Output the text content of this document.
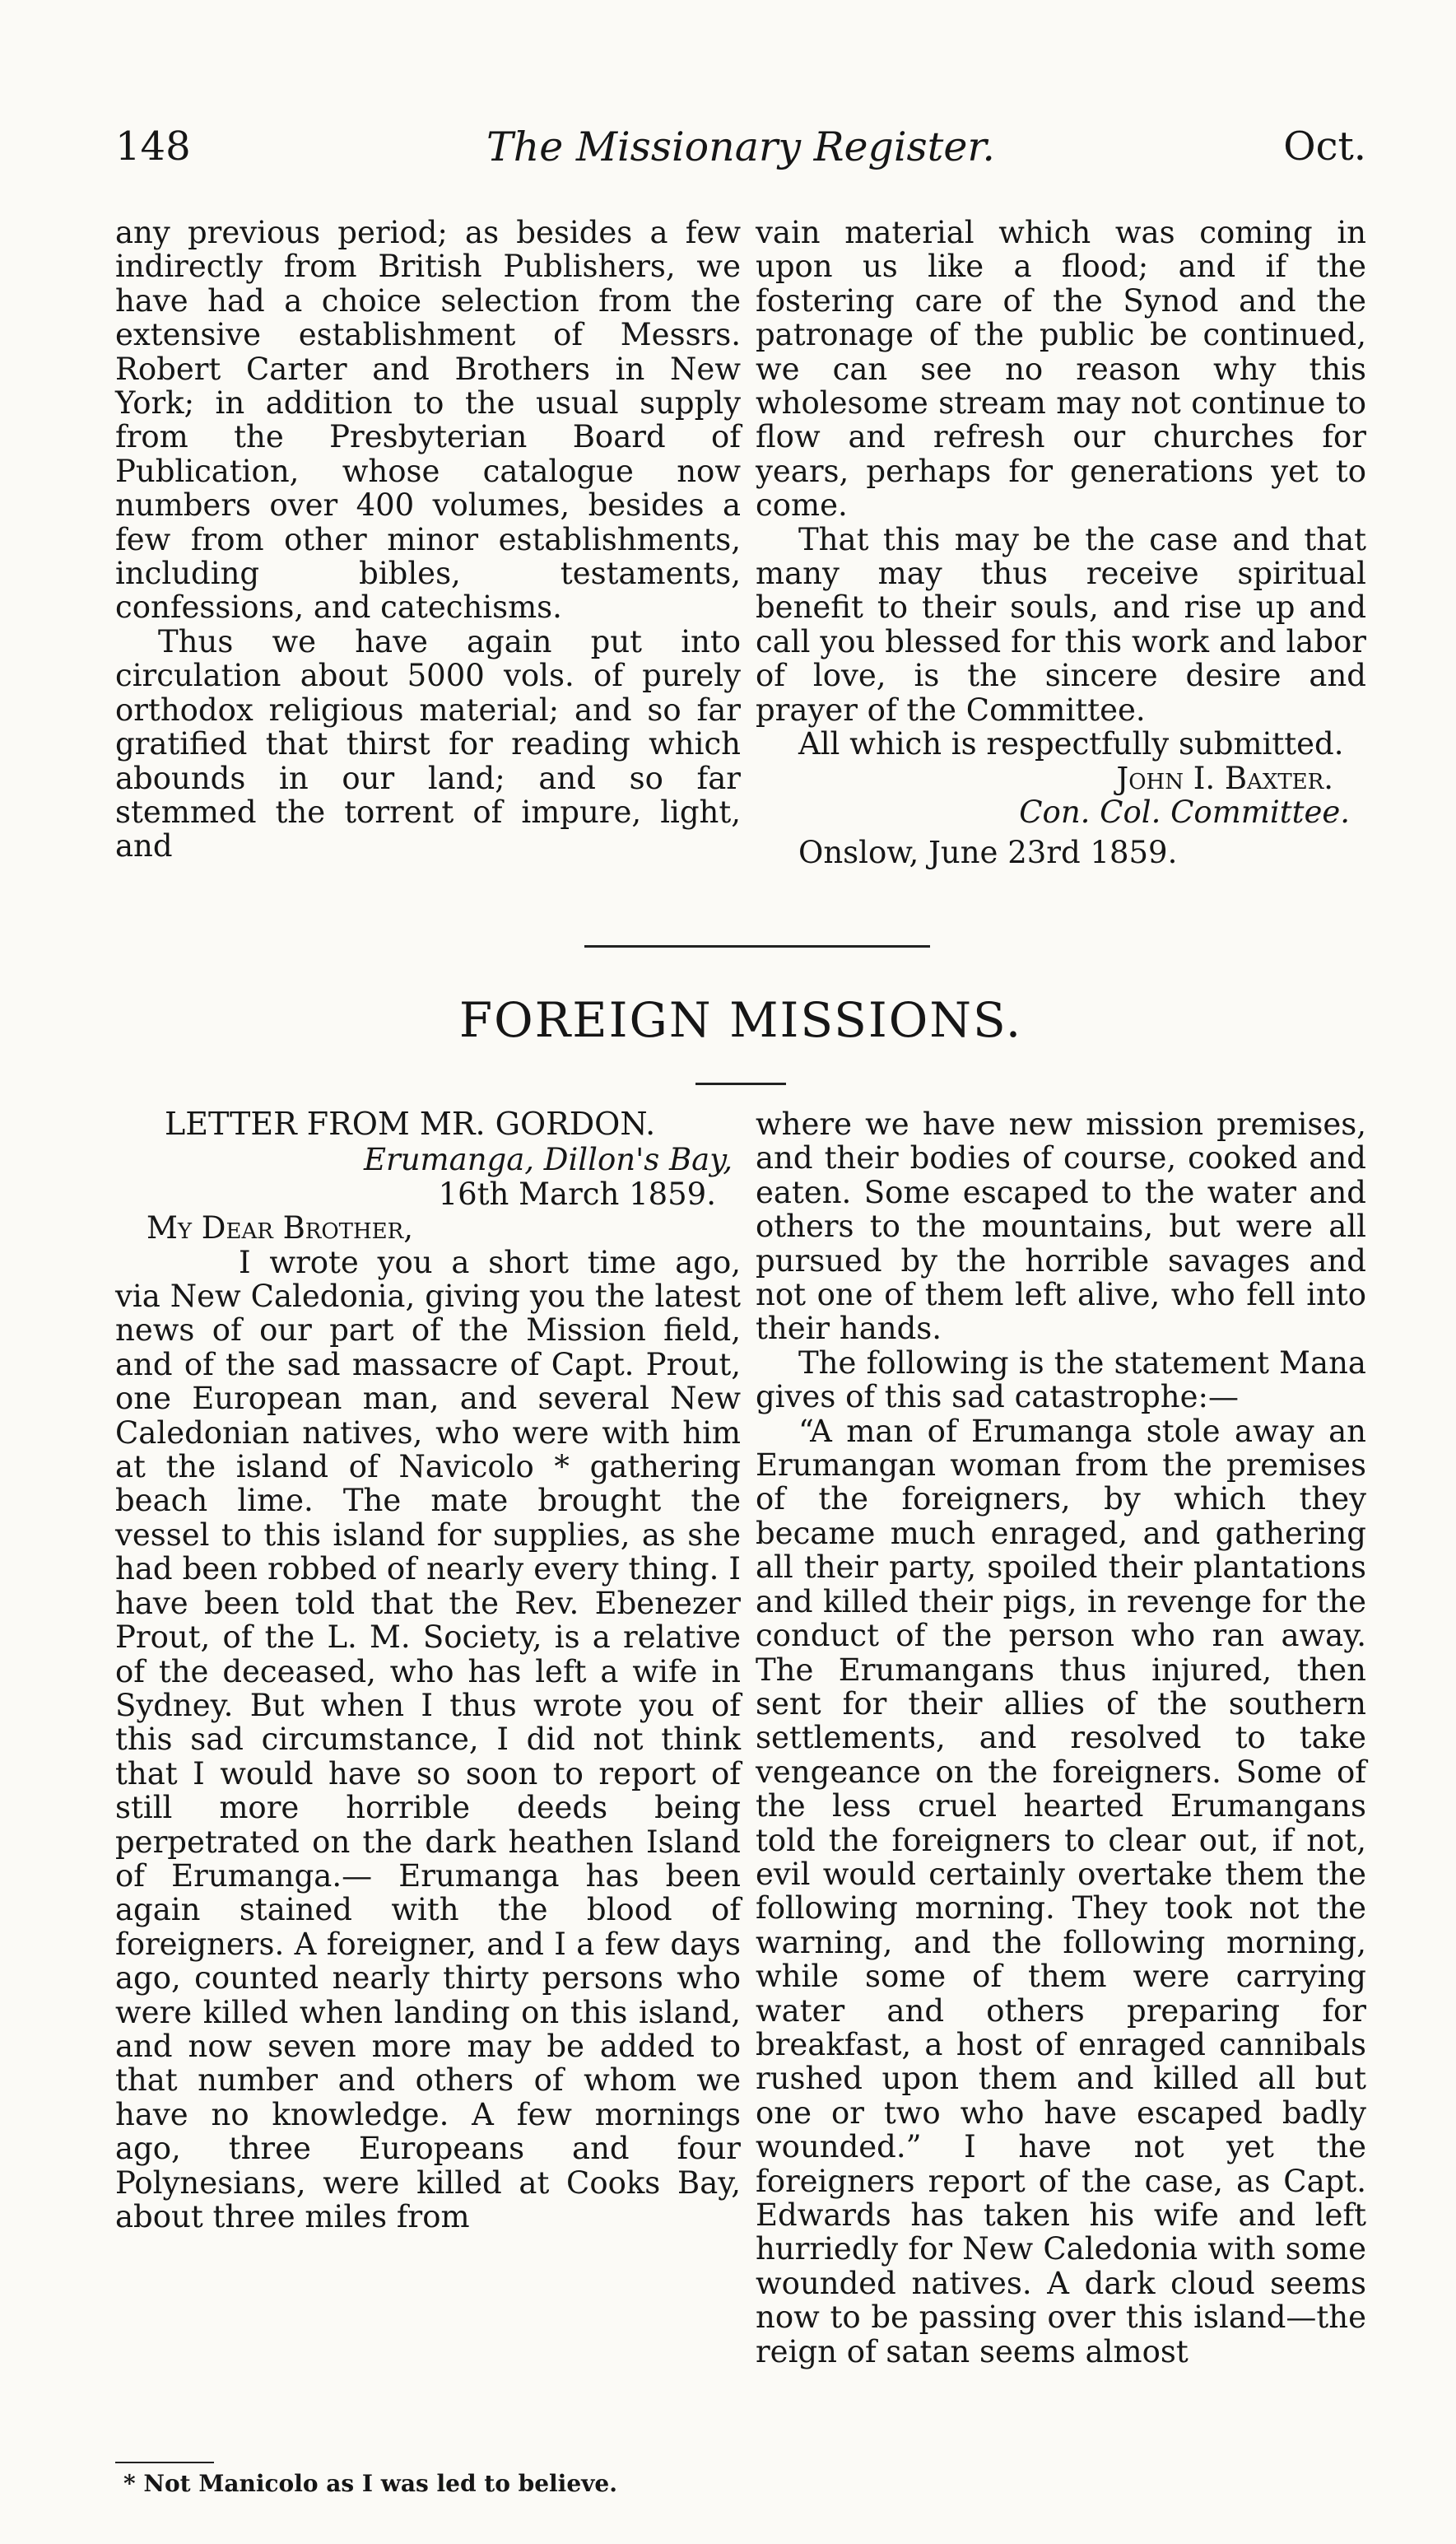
148	The Missionary Register.	Oct.

any previous period; as besides a few indirectly from British Publishers, we have had a choice selection from the extensive establishment of Messrs. Robert Carter and Brothers in New York; in addition to the usual supply from the Presbyterian Board of Publication, whose catalogue now numbers over 400 volumes, besides a few from other minor establishments, including bibles, testaments, confessions, and catechisms.

Thus we have again put into circulation about 5000 vols. of purely orthodox religious material; and so far gratified that thirst for reading which abounds in our land; and so far stemmed the torrent of impure, light, and

vain material which was coming in upon us like a flood; and if the fostering care of the Synod and the patronage of the public be continued, we can see no reason why this wholesome stream may not continue to flow and refresh our churches for years, perhaps for generations yet to come.

That this may be the case and that many may thus receive spiritual benefit to their souls, and rise up and call you blessed for this work and labor of love, is the sincere desire and prayer of the Committee.

All which is respectfully submitted.

John I. Baxter.

Con. Col. Committee.

Onslow, June 23rd 1859.

FOREIGN MISSIONS.

LETTER FROM MR. GORDON.

Erumanga, Dillon's Bay,

16th March 1859.

My Dear Brother,

I wrote you a short time ago, via New Caledonia, giving you the latest news of our part of the Mission field, and of the sad massacre of Capt. Prout, one European man, and several New Caledonian natives, who were with him at the island of Navicolo * gathering beach lime. The mate brought the vessel to this island for supplies, as she had been robbed of nearly every thing. I have been told that the Rev. Ebenezer Prout, of the L. M. Society, is a relative of the deceased, who has left a wife in Sydney. But when I thus wrote you of this sad circumstance, I did not think that I would have so soon to report of still more horrible deeds being perpetrated on the dark heathen Island of Erumanga.— Erumanga has been again stained with the blood of foreigners. A foreigner, and I a few days ago, counted nearly thirty persons who were killed when landing on this island, and now seven more may be added to that number and others of whom we have no knowledge. A few mornings ago, three Europeans and four Polynesians, were killed at Cooks Bay, about three miles from

where we have new mission premises, and their bodies of course, cooked and eaten. Some escaped to the water and others to the mountains, but were all pursued by the horrible savages and not one of them left alive, who fell into their hands.

The following is the statement Mana gives of this sad catastrophe:—

“A man of Erumanga stole away an Erumangan woman from the premises of the foreigners, by which they became much enraged, and gathering all their party, spoiled their plantations and killed their pigs, in revenge for the conduct of the person who ran away. The Erumangans thus injured, then sent for their allies of the southern settlements, and resolved to take vengeance on the foreigners. Some of the less cruel hearted Erumangans told the foreigners to clear out, if not, evil would certainly overtake them the following morning. They took not the warning, and the following morning, while some of them were carrying water and others preparing for breakfast, a host of enraged cannibals rushed upon them and killed all but one or two who have escaped badly wounded.” I have not yet the foreigners report of the case, as Capt. Edwards has taken his wife and left hurriedly for New Caledonia with some wounded natives. A dark cloud seems now to be passing over this island—the reign of satan seems almost

* Not Manicolo as I was led to believe.
